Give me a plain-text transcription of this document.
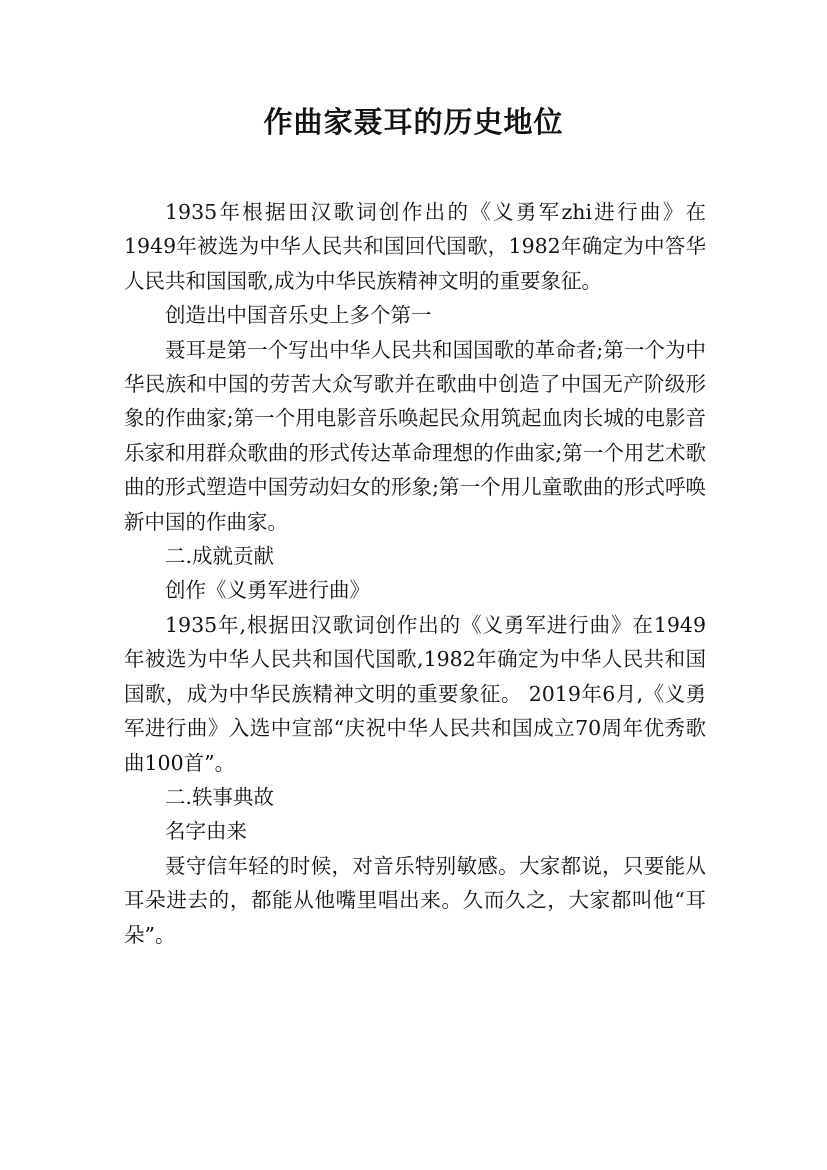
作曲家聂耳的历史地位

1935年根据田汉歌词创作出的《义勇军zhi进行曲》在1949年被选为中华人民共和国回代国歌，1982年确定为中答华人民共和国国歌,成为中华民族精神文明的重要象征。

创造出中国音乐史上多个第一

聂耳是第一个写出中华人民共和国国歌的革命者;第一个为中华民族和中国的劳苦大众写歌并在歌曲中创造了中国无产阶级形象的作曲家;第一个用电影音乐唤起民众用筑起血肉长城的电影音乐家和用群众歌曲的形式传达革命理想的作曲家;第一个用艺术歌曲的形式塑造中国劳动妇女的形象;第一个用儿童歌曲的形式呼唤新中国的作曲家。

二.成就贡献

创作《义勇军进行曲》

1935年,根据田汉歌词创作出的《义勇军进行曲》在1949年被选为中华人民共和国代国歌,1982年确定为中华人民共和国国歌，成为中华民族精神文明的重要象征。 2019年6月,《义勇军进行曲》入选中宣部“庆祝中华人民共和国成立70周年优秀歌曲100首”。

二.轶事典故

名字由来

聂守信年轻的时候，对音乐特别敏感。大家都说，只要能从耳朵进去的，都能从他嘴里唱出来。久而久之，大家都叫他“耳朵”。
